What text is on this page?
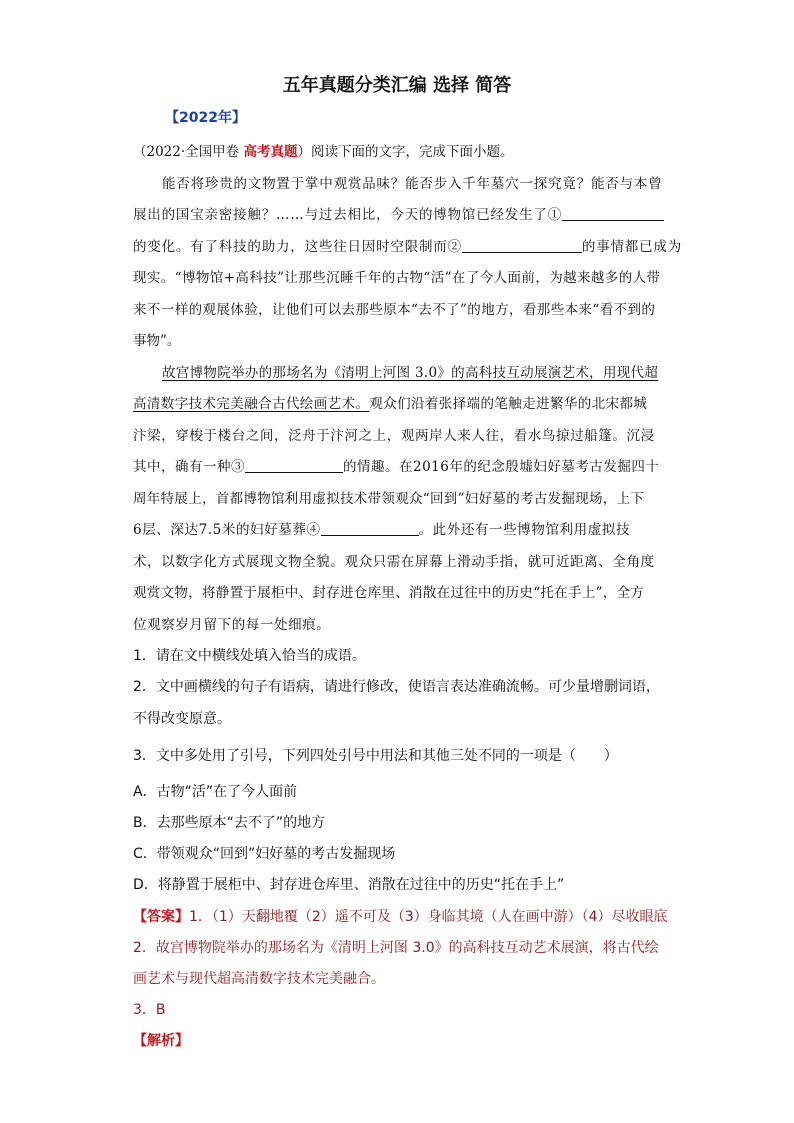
五年真题分类汇编 选择 简答
【2022年】
（2022·全国甲卷 高考真题）阅读下面的文字，完成下面小题。
能否将珍贵的文物置于掌中观赏品味？能否步入千年墓穴一探究竟？能否与本曾
展出的国宝亲密接触？……与过去相比，今天的博物馆已经发生了①
的变化。有了科技的助力，这些往日因时空限制而②	的事情都已成为
现实。“博物馆+高科技”让那些沉睡千年的古物“活”在了今人面前，为越来越多的人带
来不一样的观展体验，让他们可以去那些原本“去不了”的地方，看那些本来“看不到的
事物”。
故宫博物院举办的那场名为《清明上河图 3.0》的高科技互动展演艺术，用现代超
高清数字技术完美融合古代绘画艺术。观众们沿着张择端的笔触走进繁华的北宋都城
汴梁，穿梭于楼台之间，泛舟于汴河之上，观两岸人来人往，看水鸟掠过船篷。沉浸
其中，确有一种③	的情趣。在2016年的纪念殷墟妇好墓考古发掘四十
周年特展上，首都博物馆利用虚拟技术带领观众“回到”妇好墓的考古发掘现场，上下
6层、深达7.5米的妇好墓葬④	。此外还有一些博物馆利用虚拟技
术，以数字化方式展现文物全貌。观众只需在屏幕上滑动手指，就可近距离、全角度
观赏文物，将静置于展柜中、封存进仓库里、消散在过往中的历史“托在手上”，全方
位观察岁月留下的每一处细痕。
1．请在文中横线处填入恰当的成语。
2．文中画横线的句子有语病，请进行修改，使语言表达准确流畅。可少量增删词语，
不得改变原意。
3．文中多处用了引号，下列四处引号中用法和其他三处不同的一项是（　　）
A．古物“活”在了今人面前
B．去那些原本“去不了”的地方
C．带领观众“回到”妇好墓的考古发掘现场
D．将静置于展柜中、封存进仓库里、消散在过往中的历史“托在手上”
【答案】1．（1）天翻地覆（2）遥不可及（3）身临其境（人在画中游）（4）尽收眼底
2．故宫博物院举办的那场名为《清明上河图 3.0》的高科技互动艺术展演，将古代绘
画艺术与现代超高清数字技术完美融合。
3．B
【解析】
